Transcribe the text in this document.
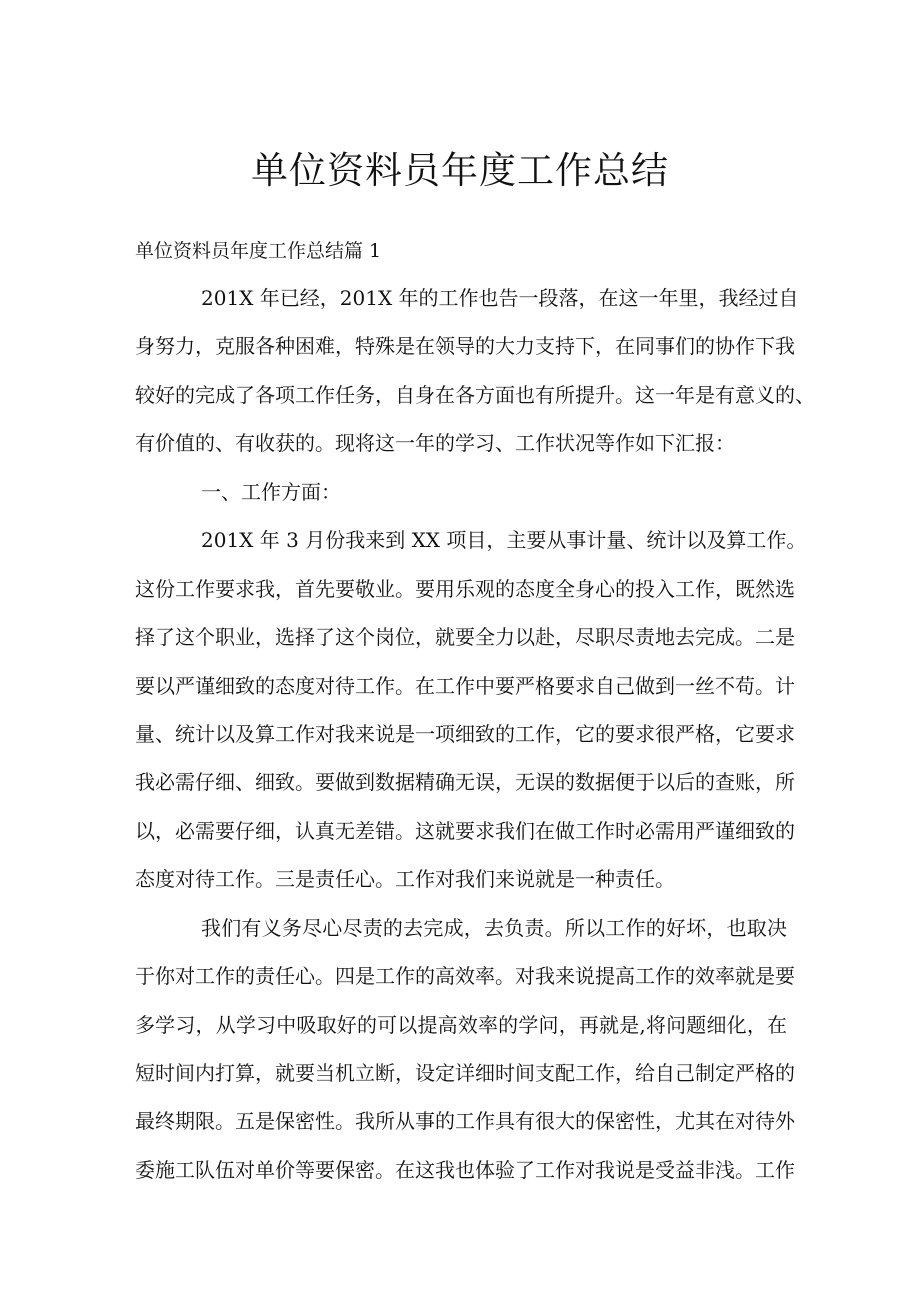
单位资料员年度工作总结

单位资料员年度工作总结篇 1

201X 年已经，201X 年的工作也告一段落，在这一年里，我经过自
身努力，克服各种困难，特殊是在领导的大力支持下，在同事们的协作下我
较好的完成了各项工作任务，自身在各方面也有所提升。这一年是有意义的、
有价值的、有收获的。现将这一年的学习、工作状况等作如下汇报：
一、工作方面：
201X 年 3 月份我来到 XX 项目，主要从事计量、统计以及算工作。
这份工作要求我，首先要敬业。要用乐观的态度全身心的投入工作，既然选
择了这个职业，选择了这个岗位，就要全力以赴，尽职尽责地去完成。二是
要以严谨细致的态度对待工作。在工作中要严格要求自己做到一丝不苟。计
量、统计以及算工作对我来说是一项细致的工作，它的要求很严格，它要求
我必需仔细、细致。要做到数据精确无误，无误的数据便于以后的查账，所
以，必需要仔细，认真无差错。这就要求我们在做工作时必需用严谨细致的
态度对待工作。三是责任心。工作对我们来说就是一种责任。
我们有义务尽心尽责的去完成，去负责。所以工作的好坏，也取决
于你对工作的责任心。四是工作的高效率。对我来说提高工作的效率就是要
多学习，从学习中吸取好的可以提高效率的学问，再就是,将问题细化，在
短时间内打算，就要当机立断，设定详细时间支配工作，给自己制定严格的
最终期限。五是保密性。我所从事的工作具有很大的保密性，尤其在对待外
委施工队伍对单价等要保密。在这我也体验了工作对我说是受益非浅。工作
